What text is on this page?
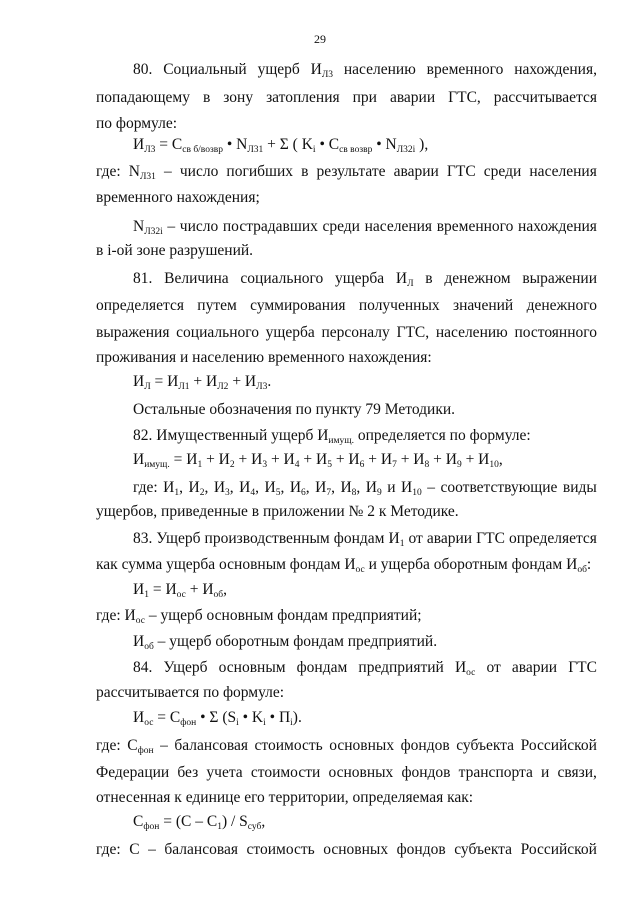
29
80. Социальный ущерб $И_{Л3}$ населению временного нахождения,
попадающему в зону затопления при аварии ГТС, рассчитывается
по формуле:
$И_{Л3} = С_{св б/возвр}$ • $N_{Л31} + \Sigma$ ( $K_i$ • $С_{св возвр}$ • $N_{Л32i}$ ),
где: $N_{Л31}$ – число погибших в результате аварии ГТС среди населения
временного нахождения;
$N_{Л32i}$ – число пострадавших среди населения временного нахождения
в i-ой зоне разрушений.
81. Величина социального ущерба $И_Л$ в денежном выражении
определяется путем суммирования полученных значений денежного
выражения социального ущерба персоналу ГТС, населению постоянного
проживания и населению временного нахождения:
$И_Л = И_{Л1} + И_{Л2} + И_{Л3}$.
Остальные обозначения по пункту 79 Методики.
82. Имущественный ущерб $И_{имущ.}$ определяется по формуле:
$И_{имущ.} = И_1 + И_2 + И_3 + И_4 + И_5 + И_6 + И_7 + И_8 + И_9 + И_{10}$,
где: $И_1$, $И_2$, $И_3$, $И_4$, $И_5$, $И_6$, $И_7$, $И_8$, $И_9$ и $И_{10}$ – соответствующие виды
ущербов, приведенные в приложении № 2 к Методике.
83. Ущерб производственным фондам $И_1$ от аварии ГТС определяется
как сумма ущерба основным фондам $И_{ос}$ и ущерба оборотным фондам $И_{об}$:
$И_1 = И_{ос} + И_{об}$,
где: $И_{ос}$ – ущерб основным фондам предприятий;
$И_{об}$ – ущерб оборотным фондам предприятий.
84. Ущерб основным фондам предприятий $И_{ос}$ от аварии ГТС
рассчитывается по формуле:
$И_{ос} = С_{фон}$ • Σ ($S_i$ • $K_i$ • $П_i$).
где: $С_{фон}$ – балансовая стоимость основных фондов субъекта Российской
Федерации без учета стоимости основных фондов транспорта и связи,
отнесенная к единице его территории, определяемая как:
$С_{фон} = (С - С_1) / S_{суб}$,
где: С – балансовая стоимость основных фондов субъекта Российской
